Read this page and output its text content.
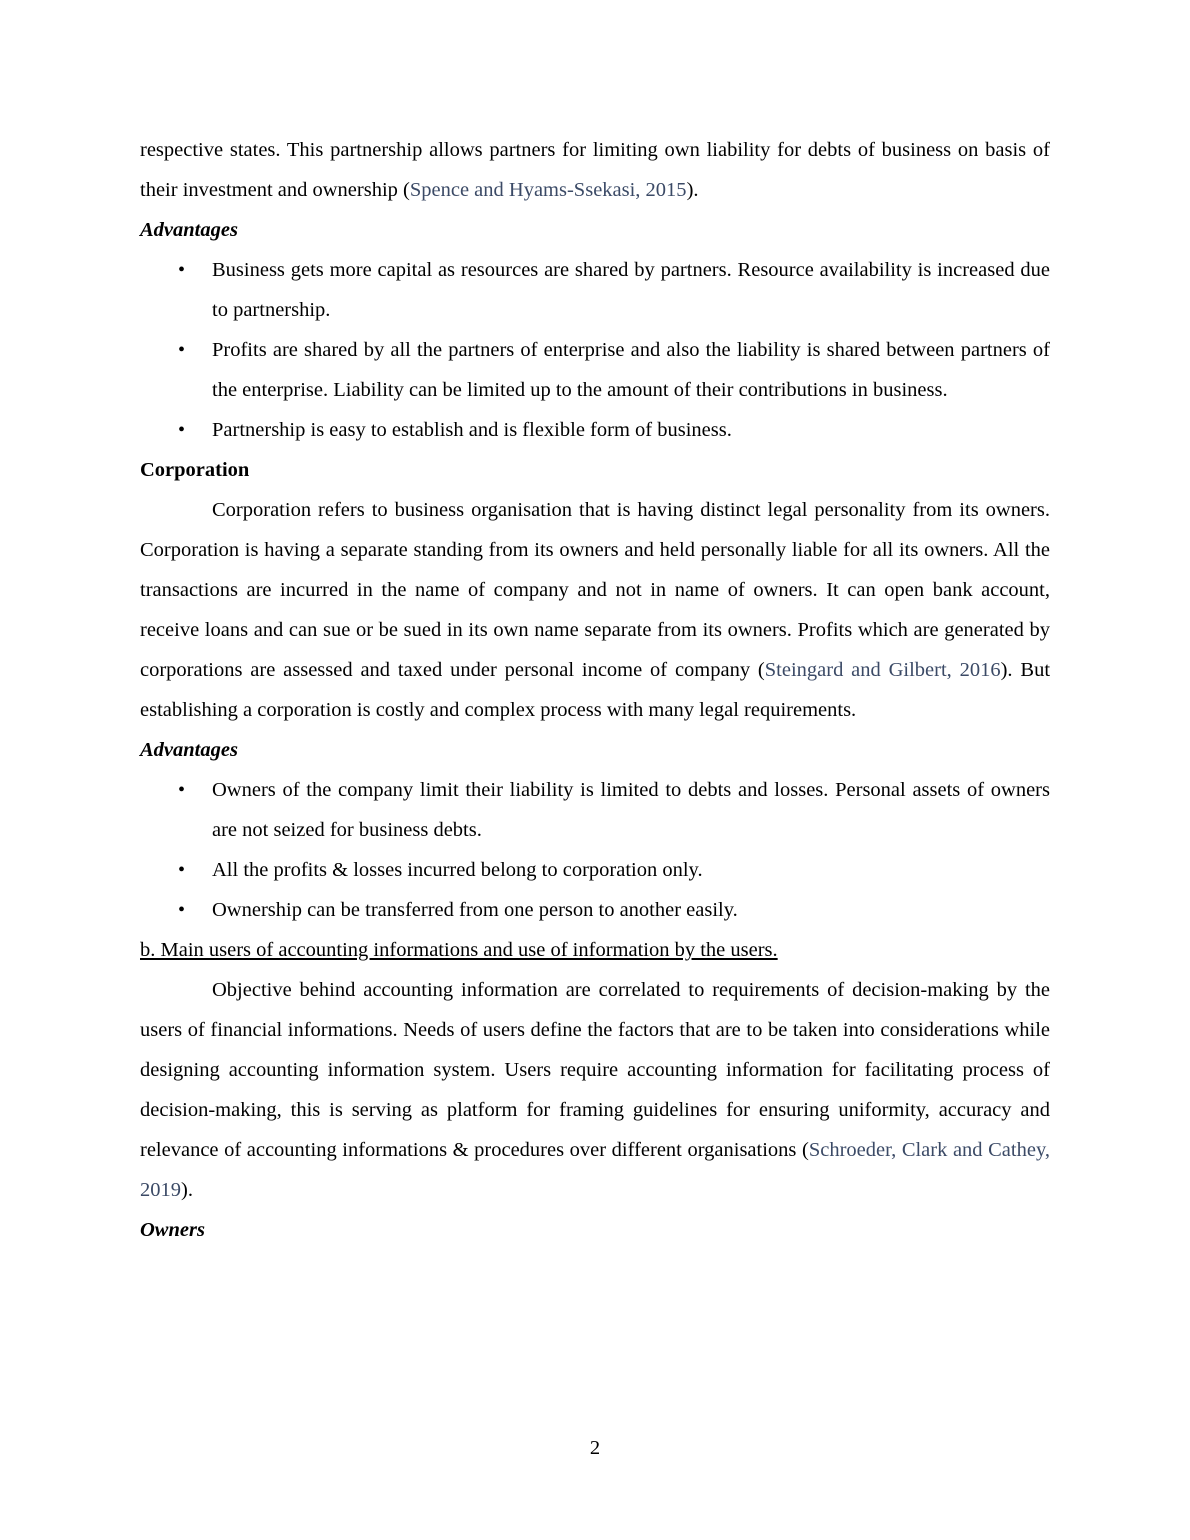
respective states. This partnership allows partners for limiting own liability for debts of business on basis of their investment and ownership (Spence and Hyams-Ssekasi, 2015).

Advantages

• Business gets more capital as resources are shared by partners. Resource availability is increased due to partnership.
• Profits are shared by all the partners of enterprise and also the liability is shared between partners of the enterprise. Liability can be limited up to the amount of their contributions in business.
• Partnership is easy to establish and is flexible form of business.

Corporation

Corporation refers to business organisation that is having distinct legal personality from its owners. Corporation is having a separate standing from its owners and held personally liable for all its owners. All the transactions are incurred in the name of company and not in name of owners. It can open bank account, receive loans and can sue or be sued in its own name separate from its owners. Profits which are generated by corporations are assessed and taxed under personal income of company (Steingard and Gilbert, 2016). But establishing a corporation is costly and complex process with many legal requirements.

Advantages

• Owners of the company limit their liability is limited to debts and losses. Personal assets of owners are not seized for business debts.
• All the profits & losses incurred belong to corporation only.
• Ownership can be transferred from one person to another easily.

b. Main users of accounting informations and use of information by the users.

Objective behind accounting information are correlated to requirements of decision-making by the users of financial informations. Needs of users define the factors that are to be taken into considerations while designing accounting information system. Users require accounting information for facilitating process of decision-making, this is serving as platform for framing guidelines for ensuring uniformity, accuracy and relevance of accounting informations & procedures over different organisations (Schroeder, Clark and Cathey, 2019).

Owners

2
